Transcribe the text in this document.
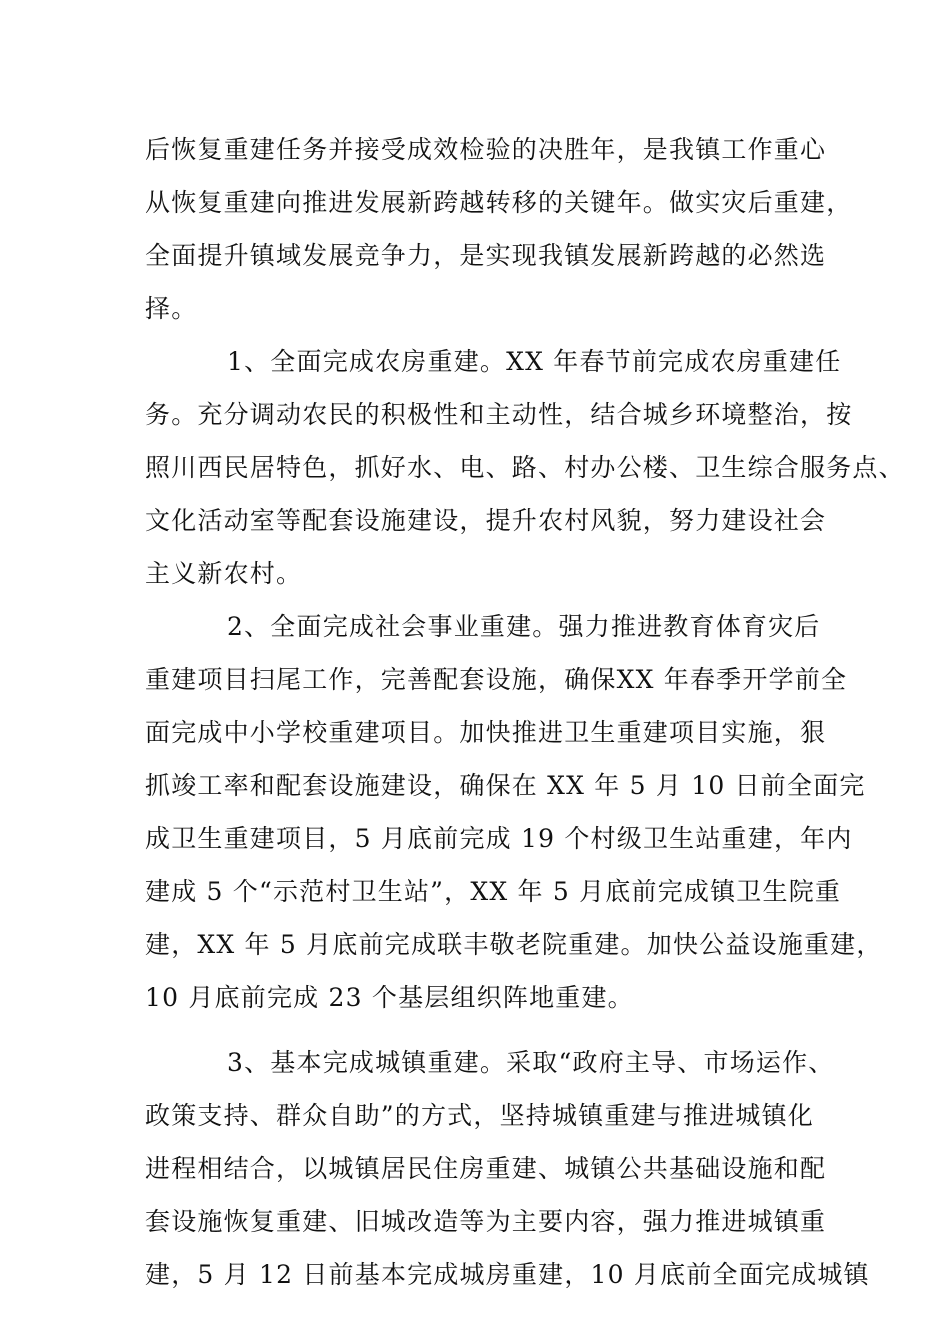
后恢复重建任务并接受成效检验的决胜年，是我镇工作重心
从恢复重建向推进发展新跨越转移的关键年。做实灾后重建，
全面提升镇域发展竞争力，是实现我镇发展新跨越的必然选
择。
1、全面完成农房重建。XX 年春节前完成农房重建任
务。充分调动农民的积极性和主动性，结合城乡环境整治，按
照川西民居特色，抓好水、电、路、村办公楼、卫生综合服务点、
文化活动室等配套设施建设，提升农村风貌，努力建设社会
主义新农村。
2、全面完成社会事业重建。强力推进教育体育灾后
重建项目扫尾工作，完善配套设施，确保XX 年春季开学前全
面完成中小学校重建项目。加快推进卫生重建项目实施，狠
抓竣工率和配套设施建设，确保在 XX 年 5 月 10 日前全面完
成卫生重建项目，5 月底前完成 19 个村级卫生站重建，年内
建成 5 个“示范村卫生站”，XX 年 5 月底前完成镇卫生院重
建，XX 年 5 月底前完成联丰敬老院重建。加快公益设施重建，
10 月底前完成 23 个基层组织阵地重建。
3、基本完成城镇重建。采取“政府主导、市场运作、
政策支持、群众自助”的方式，坚持城镇重建与推进城镇化
进程相结合，以城镇居民住房重建、城镇公共基础设施和配
套设施恢复重建、旧城改造等为主要内容，强力推进城镇重
建，5 月 12 日前基本完成城房重建，10 月底前全面完成城镇
